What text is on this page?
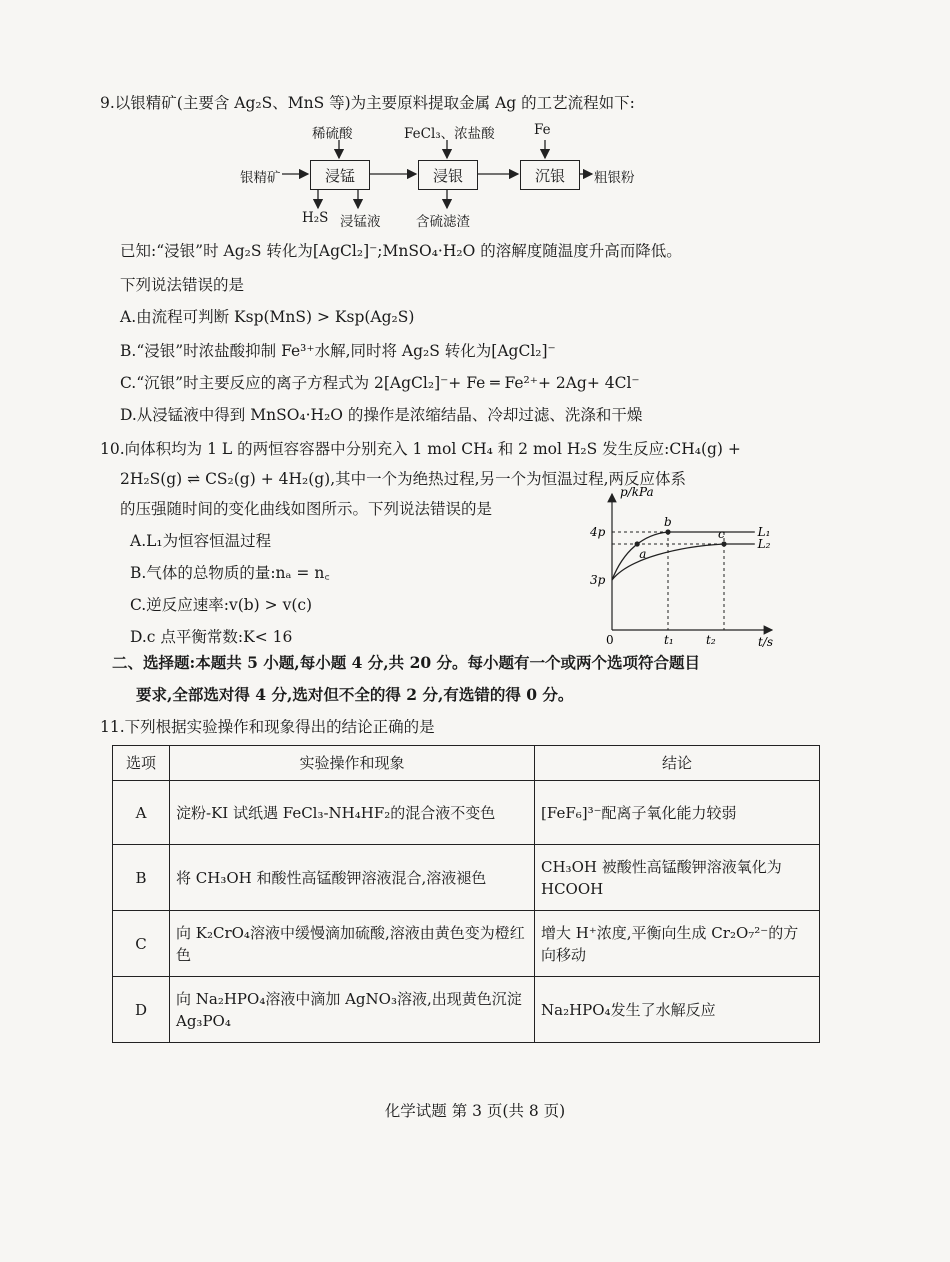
9.以银精矿(主要含 Ag₂S、MnS 等)为主要原料提取金属 Ag 的工艺流程如下:
稀硫酸	FeCl₃、浓盐酸	Fe
银精矿	浸锰	浸银	沉银	粗银粉
H₂S 浸锰液	含硫滤渣
已知:“浸银”时 Ag₂S 转化为[AgCl₂]⁻;MnSO₄·H₂O 的溶解度随温度升高而降低。
下列说法错误的是
A.由流程可判断 Ksp(MnS) > Ksp(Ag₂S)
B.“浸银”时浓盐酸抑制 Fe³⁺水解,同时将 Ag₂S 转化为[AgCl₂]⁻
C.“沉银”时主要反应的离子方程式为 2[AgCl₂]⁻+ Fe ═ Fe²⁺+ 2Ag+ 4Cl⁻
D.从浸锰液中得到 MnSO₄·H₂O 的操作是浓缩结晶、冷却过滤、洗涤和干燥
10.向体积均为 1 L 的两恒容容器中分别充入 1 mol CH₄ 和 2 mol H₂S 发生反应:CH₄(g) +
2H₂S(g) ⇌ CS₂(g) + 4H₂(g),其中一个为绝热过程,另一个为恒温过程,两反应体系
的压强随时间的变化曲线如图所示。下列说法错误的是
A.L₁为恒容恒温过程
B.气体的总物质的量:nₐ = n꜀
C.逆反应速率:v(b) > v(c)
D.c 点平衡常数:K< 16
p/kPa
t/s
4p
3p
0	t₁	t₂
a
b
c	L₁
L₂
二、选择题:本题共 5 小题,每小题 4 分,共 20 分。每小题有一个或两个选项符合题目
要求,全部选对得 4 分,选对但不全的得 2 分,有选错的得 0 分。
11.下列根据实验操作和现象得出的结论正确的是
选项	实验操作和现象	结论
A	淀粉-KI 试纸遇 FeCl₃-NH₄HF₂的混合液不变色	[FeF₆]³⁻配离子氧化能力较弱
B	将 CH₃OH 和酸性高锰酸钾溶液混合,溶液褪色	CH₃OH 被酸性高锰酸钾溶液氧化为 HCOOH
C	向 K₂CrO₄溶液中缓慢滴加硫酸,溶液由黄色变为橙红色	增大 H⁺浓度,平衡向生成 Cr₂O₇²⁻的方向移动
D	向 Na₂HPO₄溶液中滴加 AgNO₃溶液,出现黄色沉淀 Ag₃PO₄	Na₂HPO₄发生了水解反应
化学试题 第 3 页(共 8 页)
